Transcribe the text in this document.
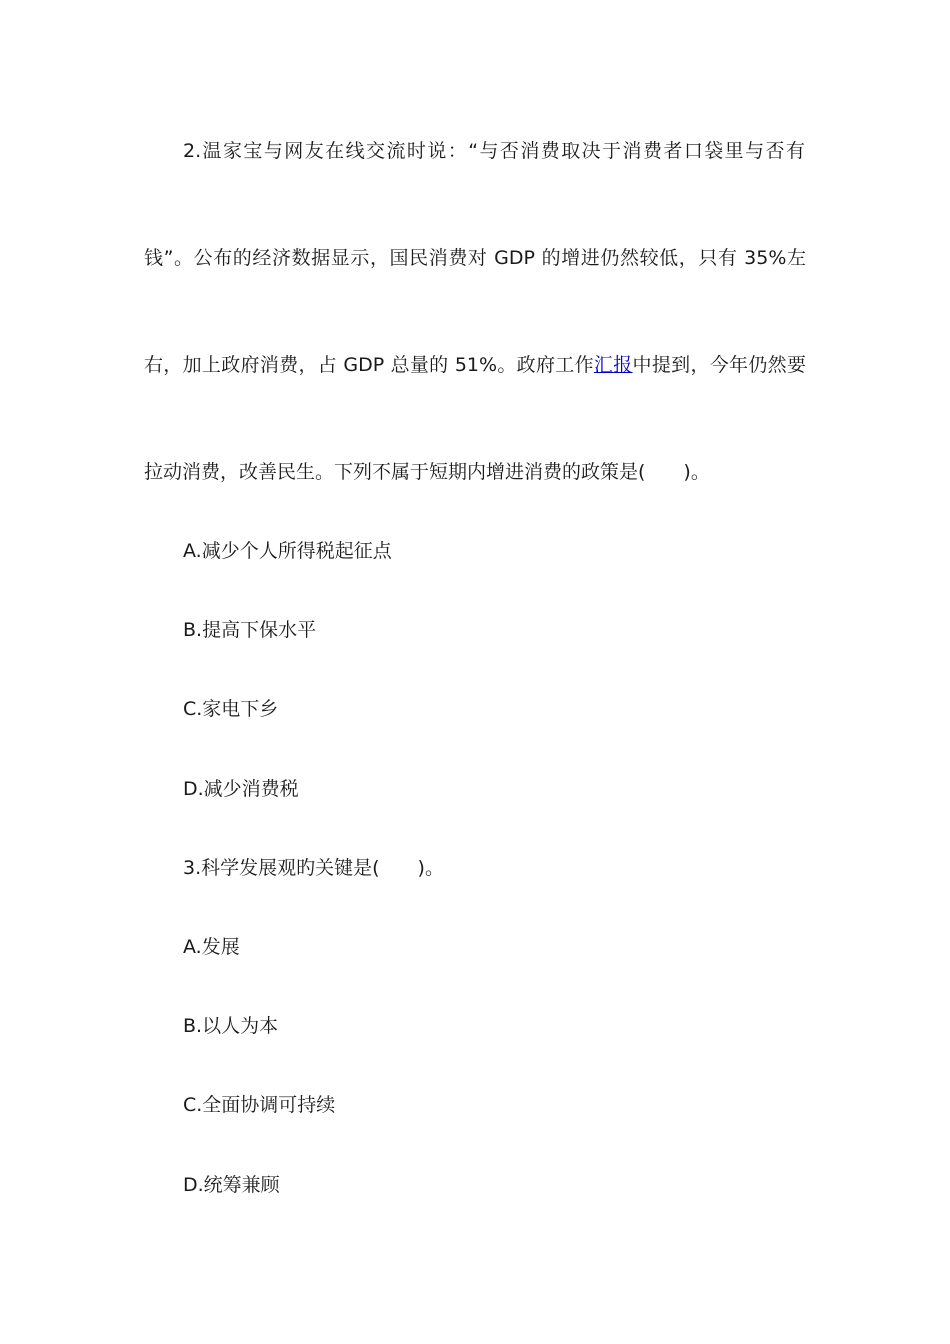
2.温家宝与网友在线交流时说：“与否消费取决于消费者口袋里与否有
钱”。公布的经济数据显示，国民消费对 GDP 的增进仍然较低，只有 35%左
右，加上政府消费，占 GDP 总量的 51%。政府工作汇报中提到，今年仍然要
拉动消费，改善民生。下列不属于短期内增进消费的政策是(　　)。
A.减少个人所得税起征点
B.提高下保水平
C.家电下乡
D.减少消费税
3.科学发展观旳关键是(　　)。
A.发展
B.以人为本
C.全面协调可持续
D.统筹兼顾
